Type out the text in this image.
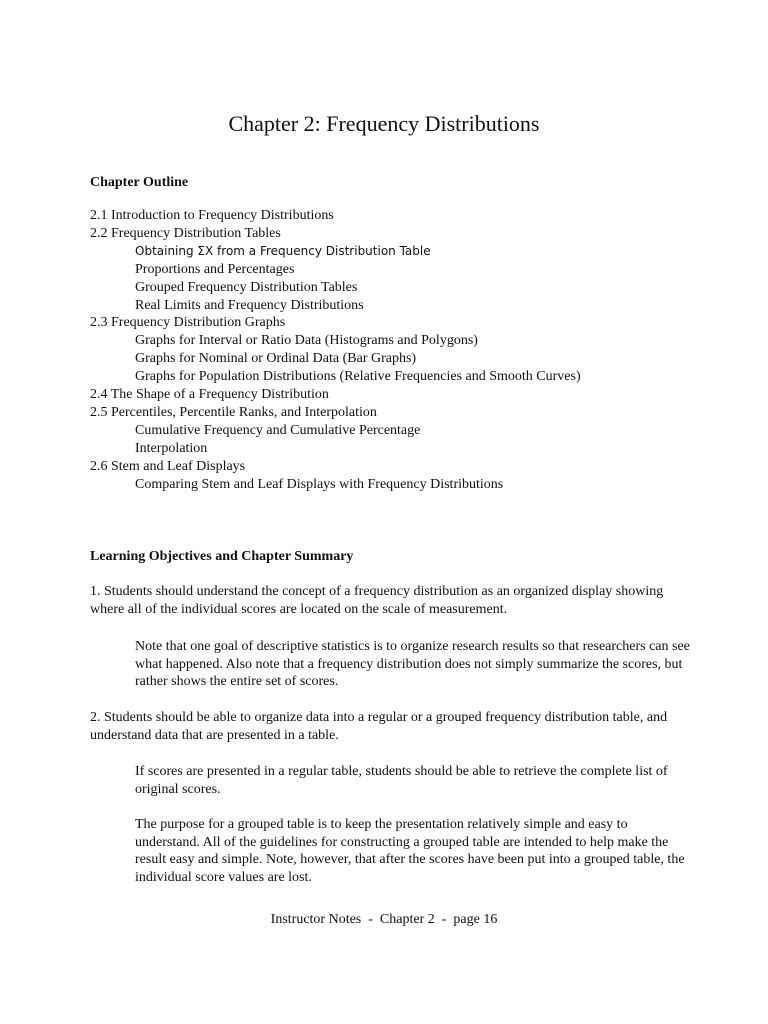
Chapter 2: Frequency Distributions
Chapter Outline
2.1 Introduction to Frequency Distributions
2.2 Frequency Distribution Tables
Obtaining ΣX from a Frequency Distribution Table
Proportions and Percentages
Grouped Frequency Distribution Tables
Real Limits and Frequency Distributions
2.3 Frequency Distribution Graphs
Graphs for Interval or Ratio Data (Histograms and Polygons)
Graphs for Nominal or Ordinal Data (Bar Graphs)
Graphs for Population Distributions (Relative Frequencies and Smooth Curves)
2.4 The Shape of a Frequency Distribution
2.5 Percentiles, Percentile Ranks, and Interpolation
Cumulative Frequency and Cumulative Percentage
Interpolation
2.6 Stem and Leaf Displays
Comparing Stem and Leaf Displays with Frequency Distributions
Learning Objectives and Chapter Summary
1. Students should understand the concept of a frequency distribution as an organized display showing where all of the individual scores are located on the scale of measurement.
Note that one goal of descriptive statistics is to organize research results so that researchers can see what happened. Also note that a frequency distribution does not simply summarize the scores, but rather shows the entire set of scores.
2. Students should be able to organize data into a regular or a grouped frequency distribution table, and understand data that are presented in a table.
If scores are presented in a regular table, students should be able to retrieve the complete list of original scores.
The purpose for a grouped table is to keep the presentation relatively simple and easy to understand. All of the guidelines for constructing a grouped table are intended to help make the result easy and simple. Note, however, that after the scores have been put into a grouped table, the individual score values are lost.
Instructor Notes  -  Chapter 2  -  page 16
